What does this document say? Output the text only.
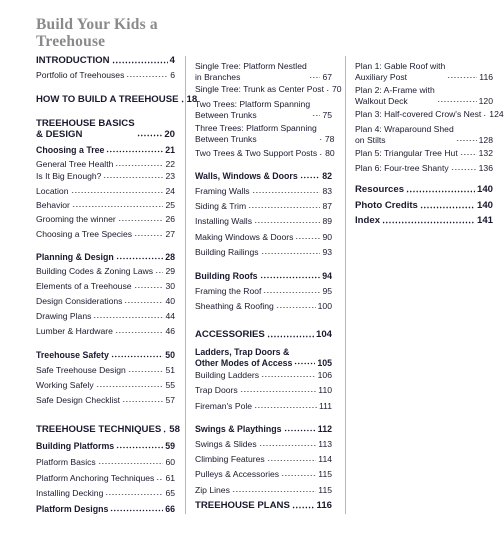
Build Your Kids a Treehouse
INTRODUCTION	4
Portfolio of Treehouses	6
HOW TO BUILD A TREEHOUSE 18
TREEHOUSE BASICS
& DESIGN	20
Choosing a Tree	21
General Tree Health	22
Is It Big Enough?	23
Location	24
Behavior	25
Grooming the winner	26
Choosing a Tree Species	27
Planning & Design	28
Building Codes & Zoning Laws 29
Elements of a Treehouse	30
Design Considerations	40
Drawing Plans	44
Lumber & Hardware	46
Treehouse Safety	50
Safe Treehouse Design	51
Working Safely	55
Safe Design Checklist	57
TREEHOUSE TECHNIQUES 58
Building Platforms	59
Platform Basics	60
Platform Anchoring Techniques 61
Installing Decking	65
Platform Designs	66
Single Tree: Platform Nestled
in Branches	67
Single Tree: Trunk as Center Post 70
Two Trees: Platform Spanning
Between Trunks	75
Three Trees: Platform Spanning
Between Trunks	78
Two Trees & Two Support Posts 80
Walls, Windows & Doors	82
Framing Walls	83
Siding & Trim	87
Installing Walls	89
Making Windows & Doors	90
Building Railings	93
Building Roofs	94
Framing the Roof	95
Sheathing & Roofing	100
ACCESSORIES	104
Ladders, Trap Doors &
Other Modes of Access	105
Building Ladders	106
Trap Doors	110
Fireman's Pole	111
Swings & Playthings	112
Swings & Slides	113
Climbing Features	114
Pulleys & Accessories	115
Zip Lines	115
TREEHOUSE PLANS	116
Plan 1: Gable Roof with
Auxiliary Post	116
Plan 2: A-Frame with
Walkout Deck	120
Plan 3: Half-covered Crow's Nest 124
Plan 4: Wraparound Shed
on Stilts	128
Plan 5: Triangular Tree Hut 132
Plan 6: Four-tree Shanty	136
Resources	140
Photo Credits	140
Index	141
